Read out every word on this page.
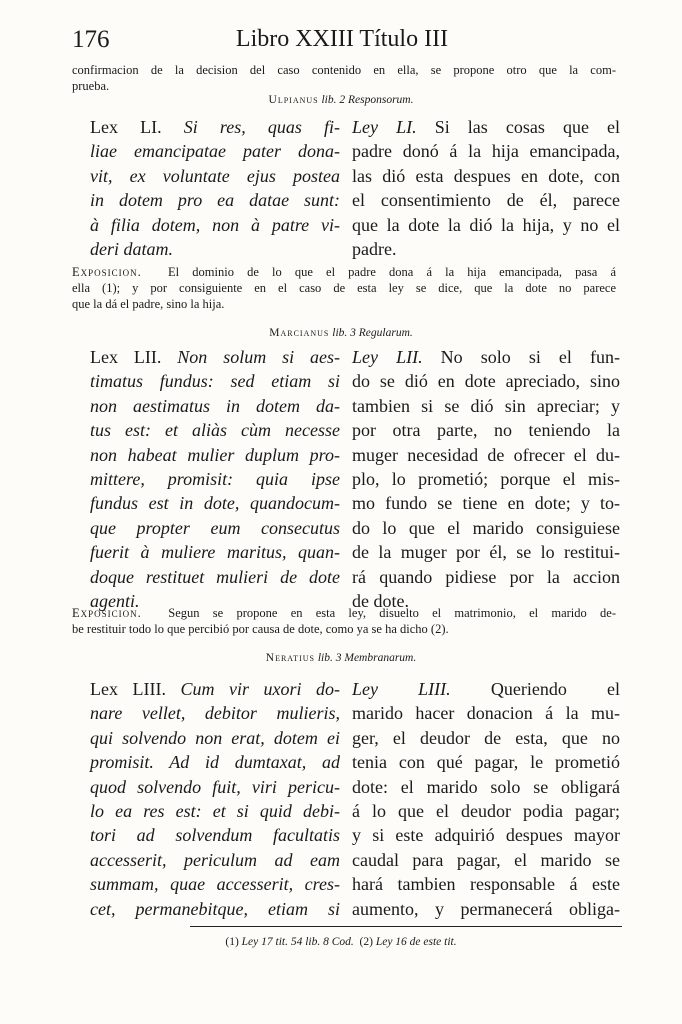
176	Libro XXIII Título III
confirmacion de la decision del caso contenido en ella, se propone otro que la com-
prueba.
Ulpianus lib. 2 Responsorum.
Lex LI. Si res, quas fi-
liae emancipatae pater dona-
vit, ex voluntate ejus postea
in dotem pro ea datae sunt:
à filia dotem, non à patre vi-
deri datam.
Ley LI. Si las cosas que el
padre donó á la hija emancipada,
las dió esta despues en dote, con
el consentimiento de él, parece
que la dote la dió la hija, y no el
padre.
Exposicion. El dominio de lo que el padre dona á la hija emancipada, pasa á
ella (1); y por consiguiente en el caso de esta ley se dice, que la dote no parece
que la dá el padre, sino la hija.
Marcianus lib. 3 Regularum.
Lex LII. Non solum si aes-
timatus fundus: sed etiam si
non aestimatus in dotem da-
tus est: et aliàs cùm necesse
non habeat mulier duplum pro-
mittere, promisit: quia ipse
fundus est in dote, quandocum-
que propter eum consecutus
fuerit à muliere maritus, quan-
doque restituet mulieri de dote
agenti.
Ley LII. No solo si el fun-
do se dió en dote apreciado, sino
tambien si se dió sin apreciar; y
por otra parte, no teniendo la
muger necesidad de ofrecer el du-
plo, lo prometió; porque el mis-
mo fundo se tiene en dote; y to-
do lo que el marido consiguiese
de la muger por él, se lo restitui-
rá quando pidiese por la accion
de dote.
Exposicion. Segun se propone en esta ley, disuelto el matrimonio, el marido de-
be restituir todo lo que percibió por causa de dote, como ya se ha dicho (2).
Neratius lib. 3 Membranarum.
Lex LIII. Cum vir uxori do-
nare vellet, debitor mulieris,
qui solvendo non erat, dotem ei
promisit. Ad id dumtaxat, ad
quod solvendo fuit, viri pericu-
lo ea res est: et si quid debi-
tori ad solvendum facultatis
accesserit, periculum ad eam
summam, quae accesserit, cres-
cet, permanebitque, etiam si
Ley LIII. Queriendo el
marido hacer donacion á la mu-
ger, el deudor de esta, que no
tenia con qué pagar, le prometió
dote: el marido solo se obligará
á lo que el deudor podia pagar;
y si este adquirió despues mayor
caudal para pagar, el marido se
hará tambien responsable á este
aumento, y permanecerá obliga-
(1) Ley 17 tit. 54 lib. 8 Cod. (2) Ley 16 de este tit.
